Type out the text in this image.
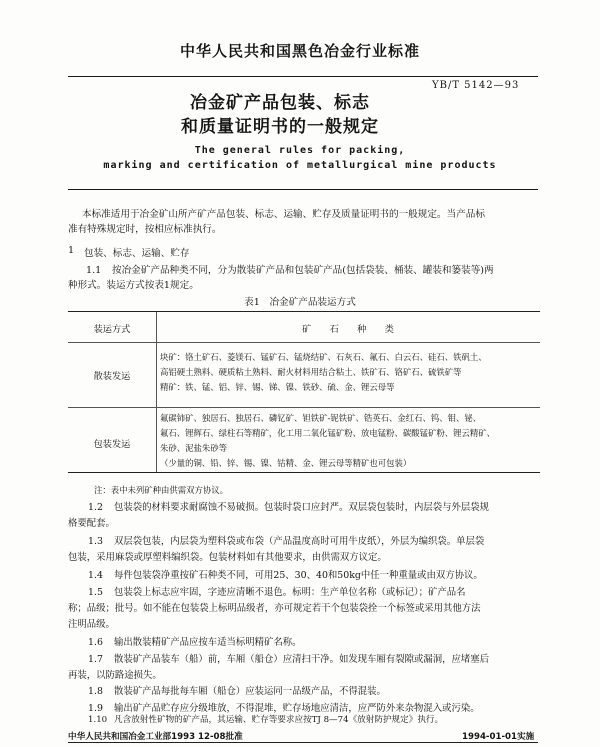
中华人民共和国黑色冶金行业标准
YB/T 5142—93
冶金矿产品包装、标志
和质量证明书的一般规定
The general rules for packing,
marking and certification of metallurgical mine products
本标准适用于冶金矿山所产矿产品包装、标志、运输、贮存及质量证明书的一般规定。当产品标
准有特殊规定时，按相应标准执行。
1 包装、标志、运输、贮存
1.1 按冶金矿产品种类不同，分为散装矿产品和包装矿产品(包括袋装、桶装、罐装和篓装等)两
种形式。装运方式按表1规定。
表1　冶金矿产品装运方式
装运方式	矿　　石　　种　　类
散装发运
块矿：铬土矿石、菱镁石、锰矿石、锰烧结矿、石灰石、氟石、白云石、硅石、铁矾土、
高铝硬土熟料、硬质粘土熟料、耐火材料用结合粘土、铁矿石、铬矿石、硫铁矿等
精矿：铁、锰、铝、锌、锡、锑、镍、铁砂、硫、金、锂云母等
包装发运
氟碳铈矿、独居石、独居石、磷钇矿、钽铁矿-铌铁矿、锆英石、金红石、钨、钼、铋、
氟石、锂辉石、绿柱石等精矿，化工用二氧化锰矿粉、放电锰粉、碳酸锰矿粉、锂云精矿、
朱砂、泥盐朱砂等
（少量的铜、铅、锌、锡、镍、钴精、金、锂云母等精矿也可包装）
注：表中未列矿种由供需双方协议。
1.2 包装袋的材料要求耐腐蚀不易破损。包装时袋口应封严。双层袋包装时，内层袋与外层袋规
格要配套。
1.3 双层袋包装，内层袋为塑料袋或布袋（产品温度高时可用牛皮纸），外层为编织袋。单层袋
包装，采用麻袋或厚塑料编织袋。包装材料如有其他要求，由供需双方议定。
1.4 每件包装袋净重按矿石种类不同，可用25、30、40和50kg中任一种重量或由双方协议。
1.5 包装袋上标志应牢固，字迹应清晰不退色。标明：生产单位名称（或标记）；矿产品名
称；品级；批号。如不能在包装袋上标明品级者，亦可规定若干个包装袋拴一个标签或采用其他方法
注明品级。
1.6 输出散装精矿产品应按车适当标明精矿名称。
1.7 散装矿产品装车（船）前，车厢（船仓）应清扫干净。如发现车厢有裂隙或漏洞，应堵塞后
再装，以防路途损失。
1.8 散装矿产品每批每车厢（船仓）应装运同一品级产品，不得混装。
1.9 输出矿产品贮存应分级堆放，不得混堆，贮存场地应清洁，应严防外来杂物混入或污染。
1.10 凡含放射性矿物的矿产品，其运输、贮存等要求应按TJ 8—74《放射防护规定》执行。
中华人民共和国冶金工业部1993 12-08批准	1994-01-01实施
